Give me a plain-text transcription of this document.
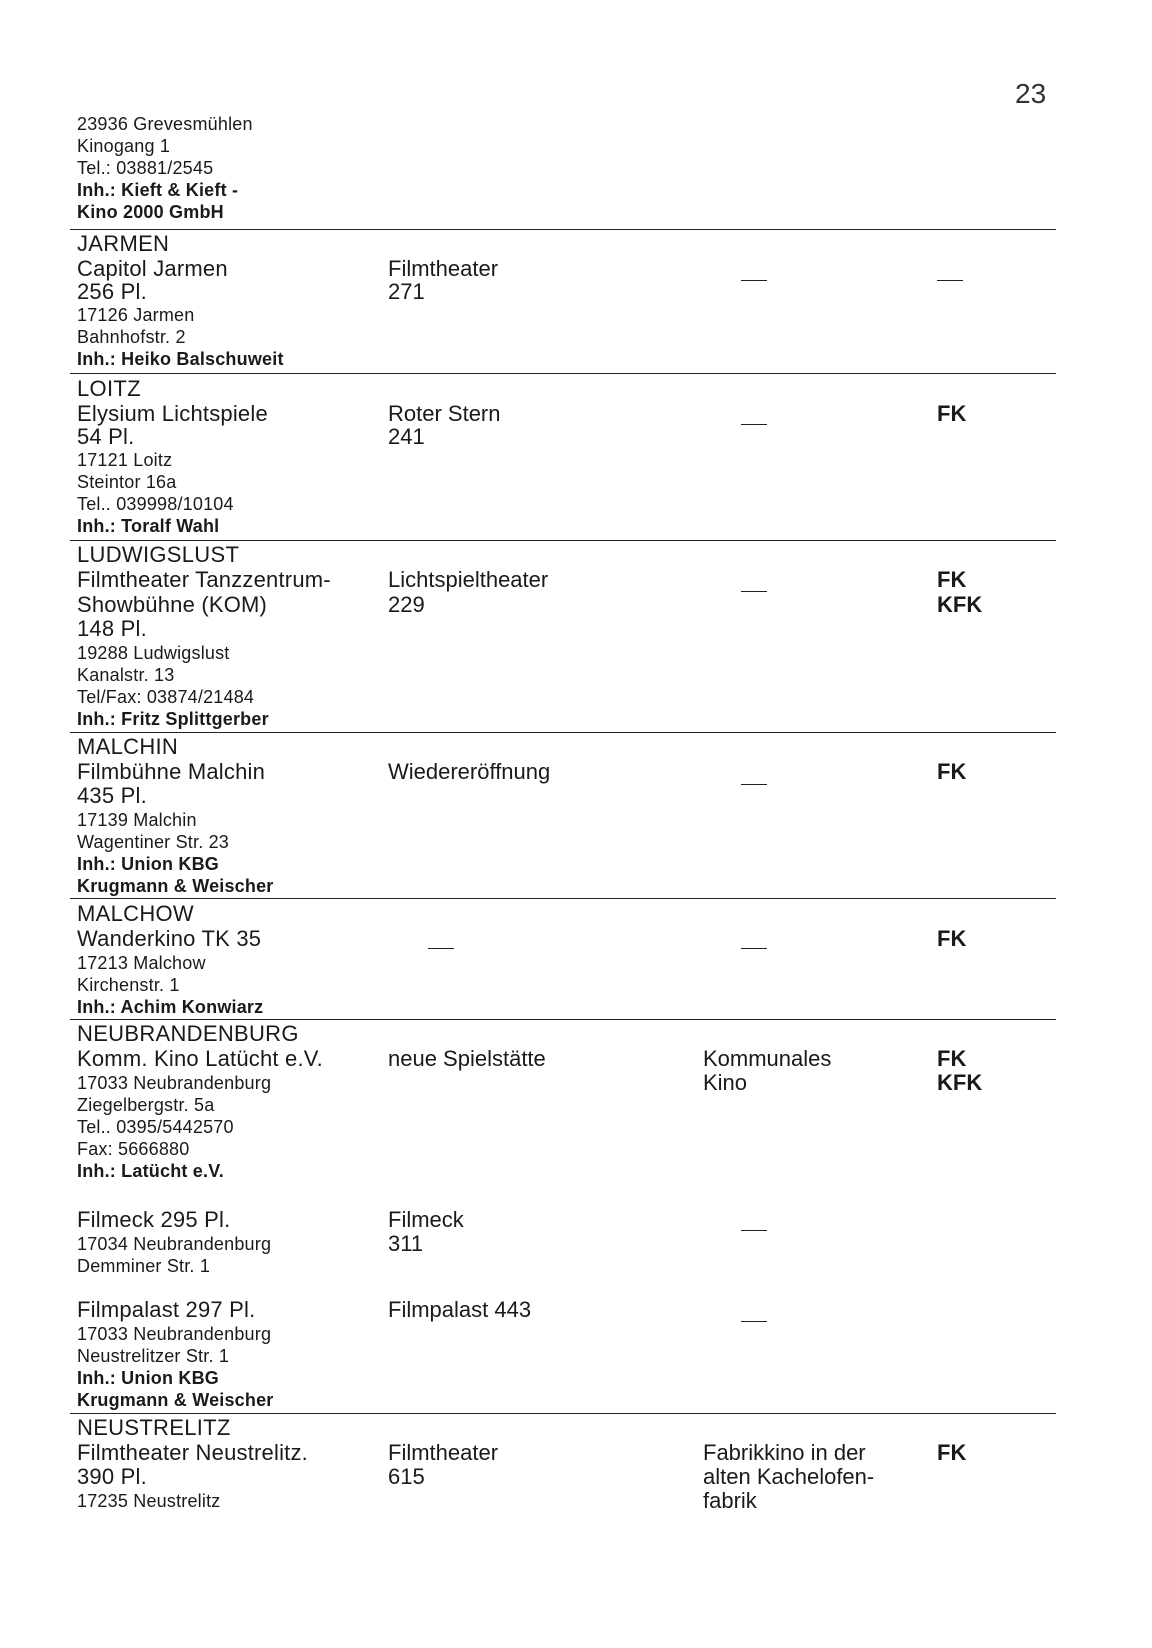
23
23936 Grevesmühlen
Kinogang 1
Tel.: 03881/2545
Inh.: Kieft & Kieft -
Kino 2000 GmbH
JARMEN
Capitol Jarmen
256 Pl.
17126 Jarmen
Bahnhofstr. 2
Inh.: Heiko Balschuweit
Filmtheater
271
LOITZ
Elysium Lichtspiele
54 Pl.
17121 Loitz
Steintor 16a
Tel.. 039998/10104
Inh.: Toralf Wahl
Roter Stern
241
FK
LUDWIGSLUST
Filmtheater Tanzzentrum-
Showbühne (KOM)
148 Pl.
19288 Ludwigslust
Kanalstr. 13
Tel/Fax: 03874/21484
Inh.: Fritz Splittgerber
Lichtspieltheater
229
FK
KFK
MALCHIN
Filmbühne Malchin
435 Pl.
17139 Malchin
Wagentiner Str. 23
Inh.: Union KBG
Krugmann & Weischer
Wiedereröffnung	FK
MALCHOW
Wanderkino TK 35
17213 Malchow
Kirchenstr. 1
Inh.: Achim Konwiarz
FK
NEUBRANDENBURG
Komm. Kino Latücht e.V.
17033 Neubrandenburg
Ziegelbergstr. 5a
Tel.. 0395/5442570
Fax: 5666880
Inh.: Latücht e.V.
neue Spielstätte	Kommunales
Kino
FK
KFK
Filmeck 295 Pl.
17034 Neubrandenburg
Demminer Str. 1
Filmeck
311
Filmpalast 297 Pl.
17033 Neubrandenburg
Neustrelitzer Str. 1
Inh.: Union KBG
Krugmann & Weischer
Filmpalast 443
NEUSTRELITZ
Filmtheater Neustrelitz.
390 Pl.
17235 Neustrelitz
Filmtheater
615
Fabrikkino in der
alten Kachelofen-
fabrik
FK
